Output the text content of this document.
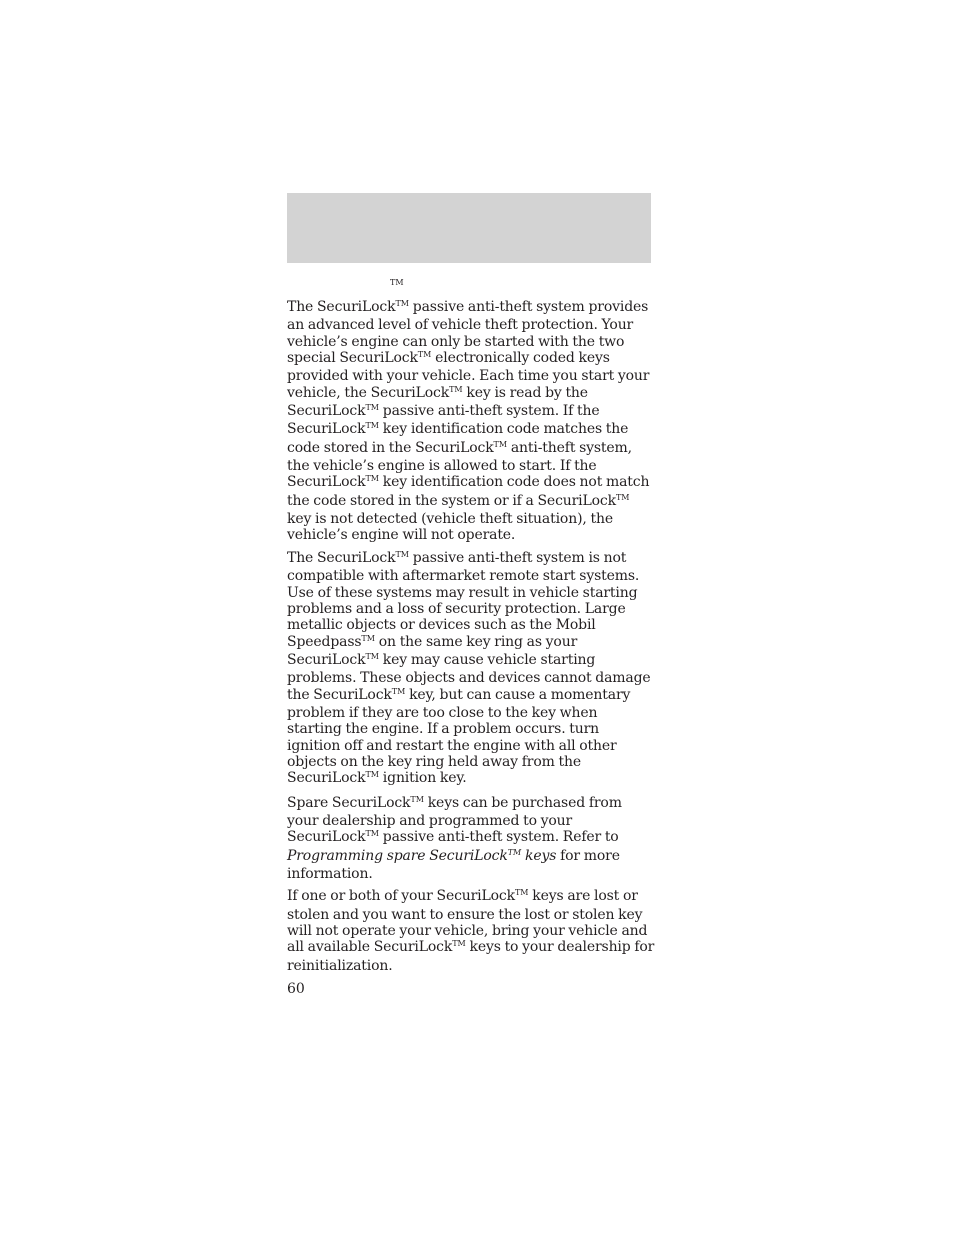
TM

The SecuriLock™ passive anti-theft system provides
an advanced level of vehicle theft protection. Your
vehicle’s engine can only be started with the two
special SecuriLock™ electronically coded keys
provided with your vehicle. Each time you start your
vehicle, the SecuriLock™ key is read by the
SecuriLock™ passive anti-theft system. If the
SecuriLock™ key identification code matches the
code stored in the SecuriLock™ anti-theft system,
the vehicle’s engine is allowed to start. If the
SecuriLock™ key identification code does not match
the code stored in the system or if a SecuriLock™
key is not detected (vehicle theft situation), the
vehicle’s engine will not operate.

The SecuriLock™ passive anti-theft system is not
compatible with aftermarket remote start systems.
Use of these systems may result in vehicle starting
problems and a loss of security protection. Large
metallic objects or devices such as the Mobil
Speedpass™ on the same key ring as your
SecuriLock™ key may cause vehicle starting
problems. These objects and devices cannot damage
the SecuriLock™ key, but can cause a momentary
problem if they are too close to the key when
starting the engine. If a problem occurs. turn
ignition off and restart the engine with all other
objects on the key ring held away from the
SecuriLock™ ignition key.

Spare SecuriLock™ keys can be purchased from
your dealership and programmed to your
SecuriLock™ passive anti-theft system. Refer to
Programming spare SecuriLock™ keys for more
information.

If one or both of your SecuriLock™ keys are lost or
stolen and you want to ensure the lost or stolen key
will not operate your vehicle, bring your vehicle and
all available SecuriLock™ keys to your dealership for
reinitialization.

60
